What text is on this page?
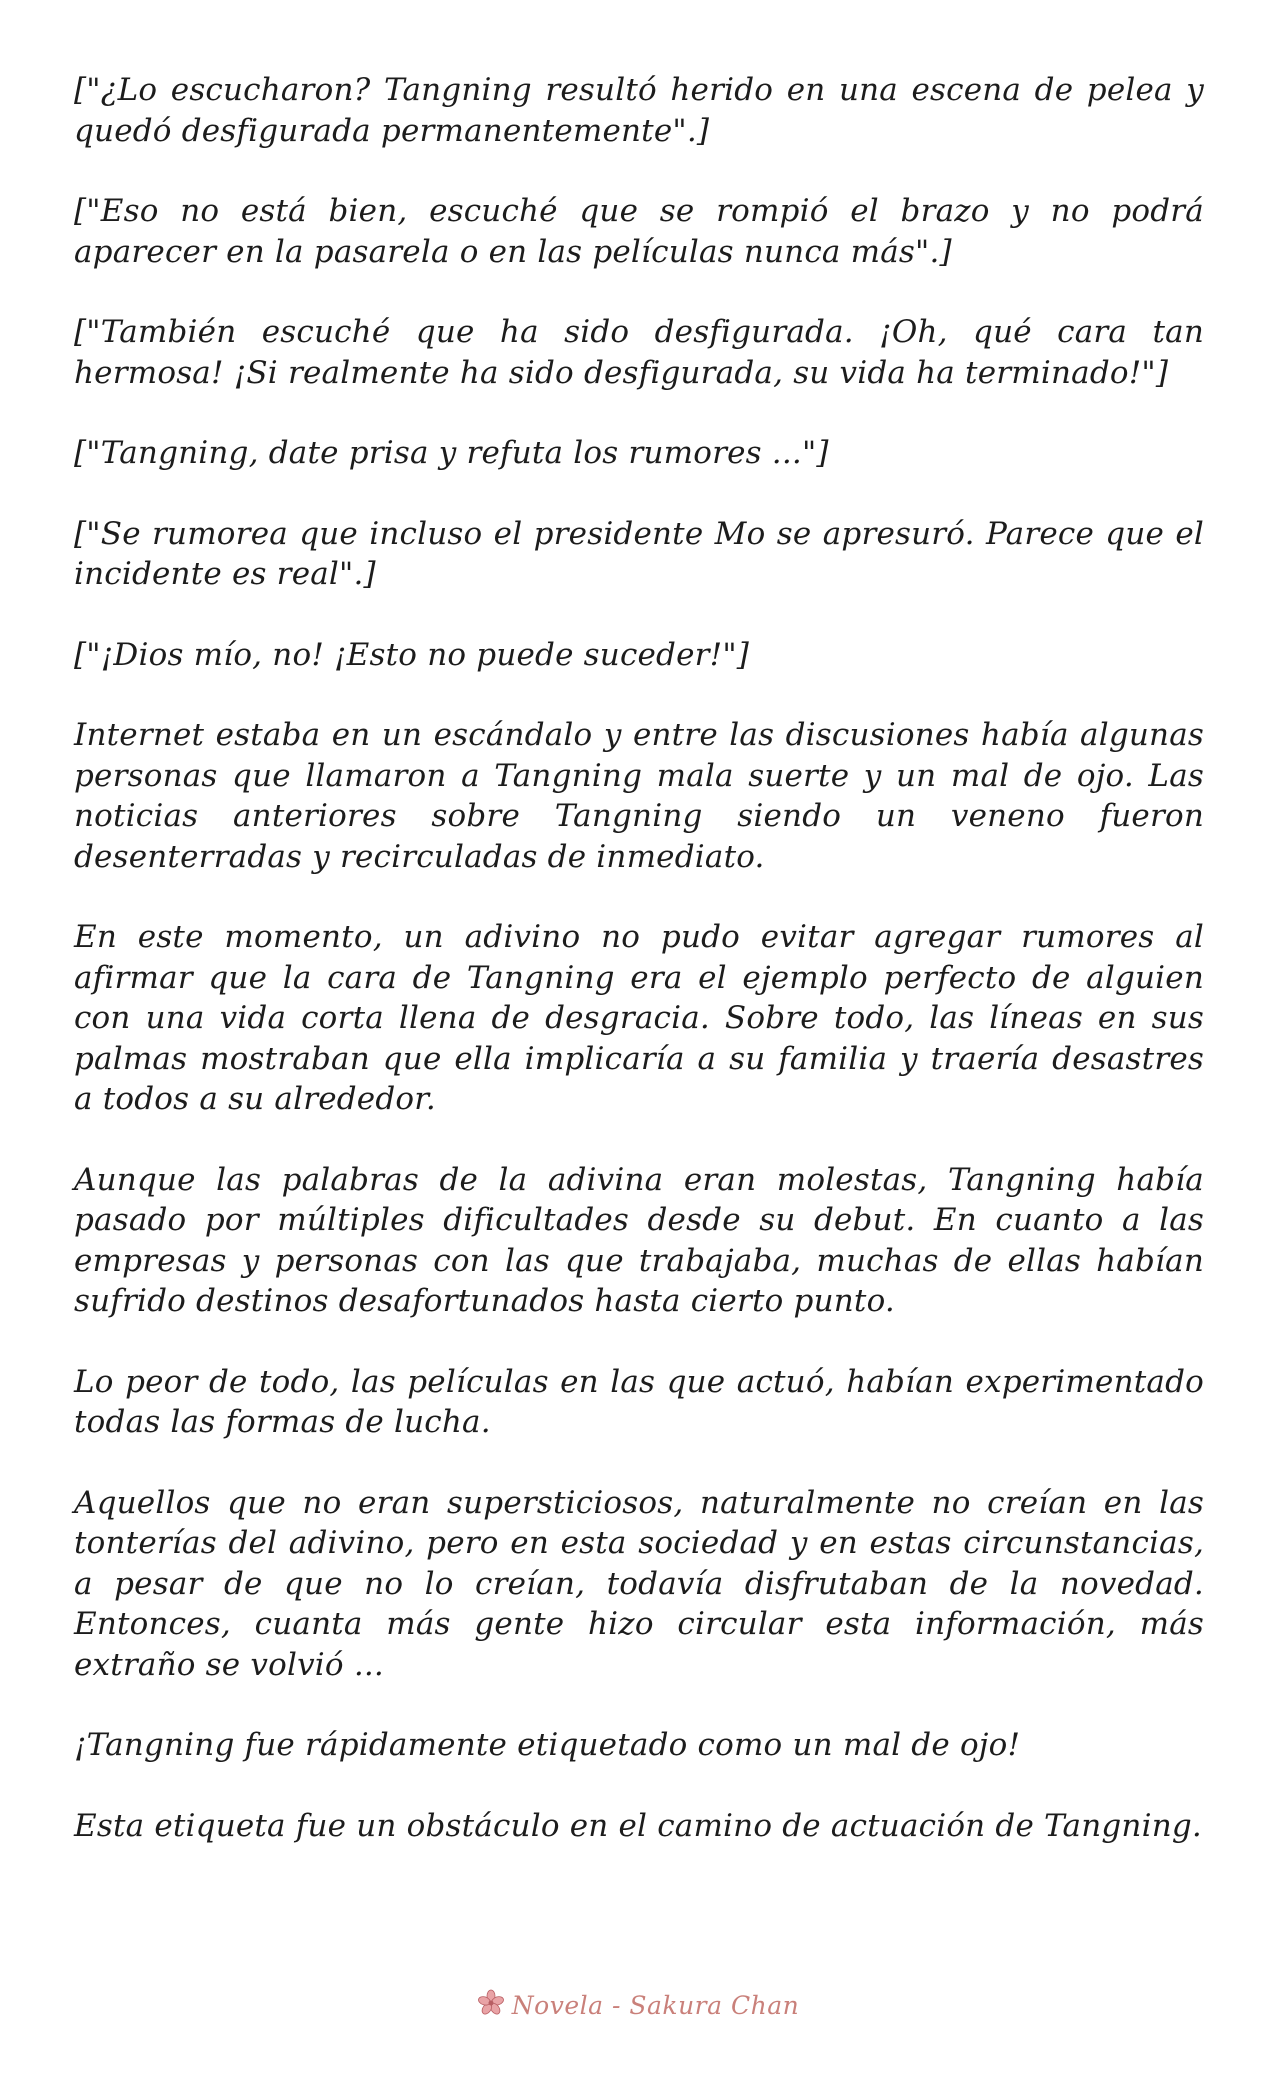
["¿Lo escucharon? Tangning resultó herido en una escena de pelea y quedó desfigurada permanentemente".]

["Eso no está bien, escuché que se rompió el brazo y no podrá aparecer en la pasarela o en las películas nunca más".]

["También escuché que ha sido desfigurada. ¡Oh, qué cara tan hermosa! ¡Si realmente ha sido desfigurada, su vida ha terminado!"]

["Tangning, date prisa y refuta los rumores ..."]

["Se rumorea que incluso el presidente Mo se apresuró. Parece que el incidente es real".]

["¡Dios mío, no! ¡Esto no puede suceder!"]

Internet estaba en un escándalo y entre las discusiones había algunas personas que llamaron a Tangning mala suerte y un mal de ojo. Las noticias anteriores sobre Tangning siendo un veneno fueron desenterradas y recirculadas de inmediato.

En este momento, un adivino no pudo evitar agregar rumores al afirmar que la cara de Tangning era el ejemplo perfecto de alguien con una vida corta llena de desgracia. Sobre todo, las líneas en sus palmas mostraban que ella implicaría a su familia y traería desastres a todos a su alrededor.

Aunque las palabras de la adivina eran molestas, Tangning había pasado por múltiples dificultades desde su debut. En cuanto a las empresas y personas con las que trabajaba, muchas de ellas habían sufrido destinos desafortunados hasta cierto punto.

Lo peor de todo, las películas en las que actuó, habían experimentado todas las formas de lucha.

Aquellos que no eran supersticiosos, naturalmente no creían en las tonterías del adivino, pero en esta sociedad y en estas circunstancias, a pesar de que no lo creían, todavía disfrutaban de la novedad. Entonces, cuanta más gente hizo circular esta información, más extraño se volvió ...

¡Tangning fue rápidamente etiquetado como un mal de ojo!

Esta etiqueta fue un obstáculo en el camino de actuación de Tangning.

Novela - Sakura Chan
